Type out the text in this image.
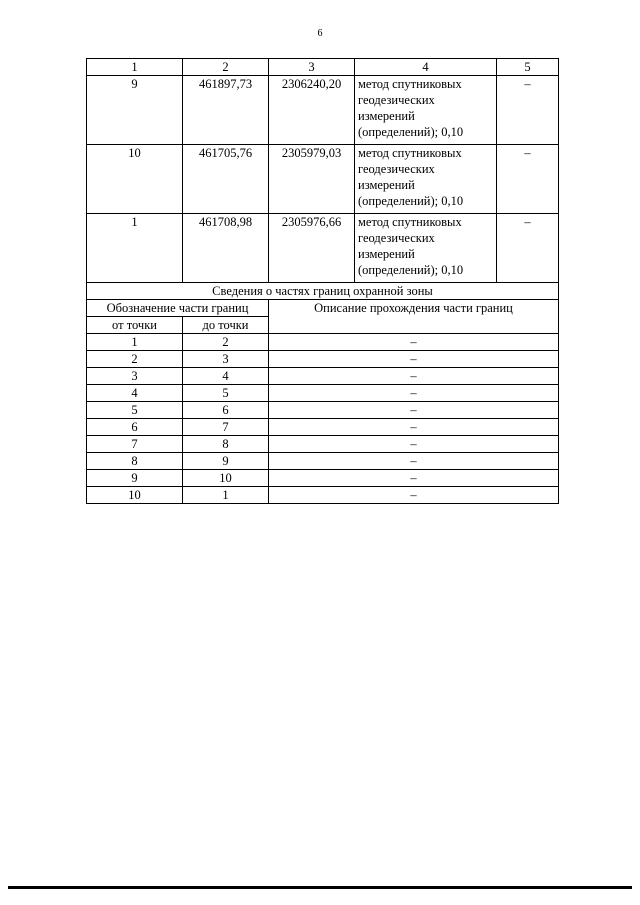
6
1	2	3	4	5
9	461897,73	2306240,20	метод спутниковых
геодезических
измерений
(определений); 0,10	–
10	461705,76	2305979,03	метод спутниковых
геодезических
измерений
(определений); 0,10	–
1	461708,98	2305976,66	метод спутниковых
геодезических
измерений
(определений); 0,10	–
Сведения о частях границ охранной зоны				
Обозначение части границ		Описание прохождения части границ		
от точки	до точки			
1	2	–		
2	3	–		
3	4	–		
4	5	–		
5	6	–		
6	7	–		
7	8	–		
8	9	–		
9	10	–		
10	1	–		
